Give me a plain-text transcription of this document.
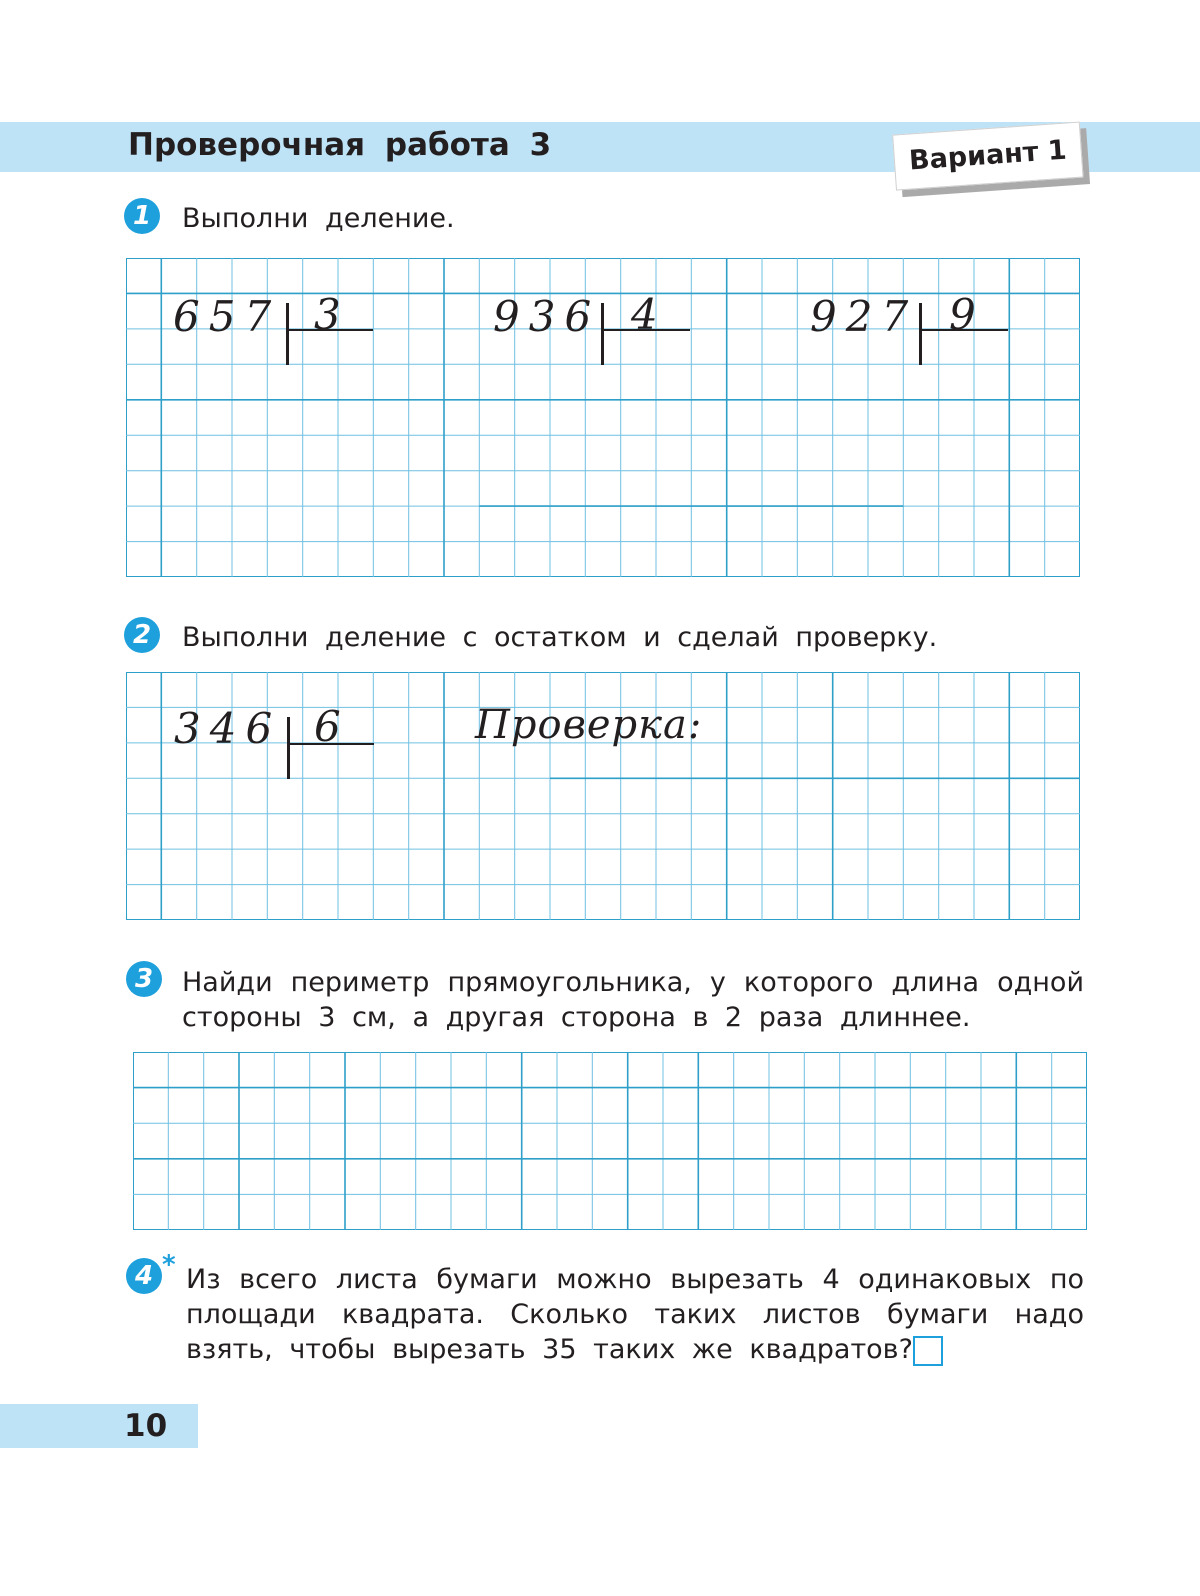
Проверочная работа 3	Вариант 1
1	Выполни деление.
657 3	936 4	927 9
2	Выполни деление с остатком и сделай проверку.
346 6	Проверка:
3	Найди периметр прямоугольника, у которого длина одной
стороны 3 см, а другая сторона в 2 раза длиннее.
4 * Из всего листа бумаги можно вырезать 4 одинаковых по
площади квадрата. Сколько таких листов бумаги надо
взять, чтобы вырезать 35 таких же квадратов?
10
